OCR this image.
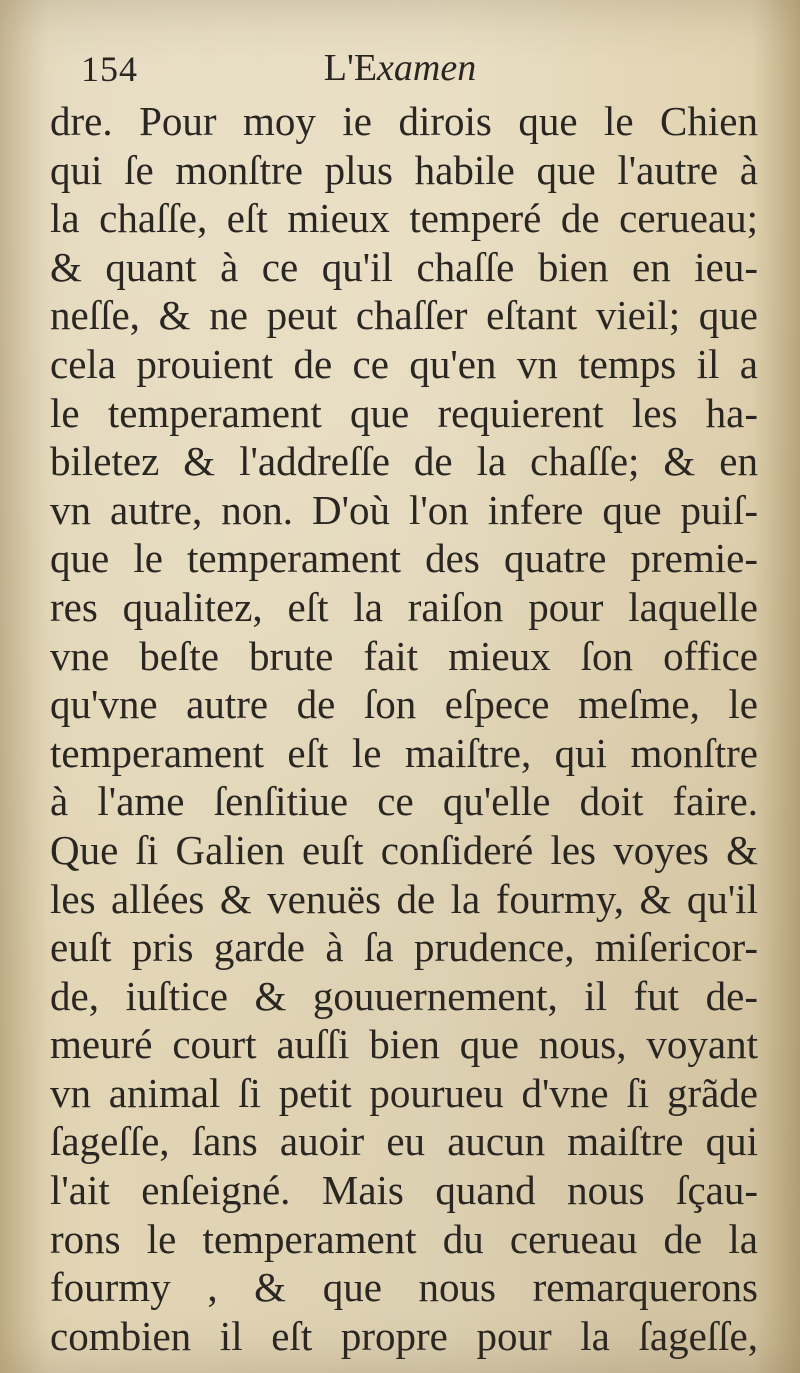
154	L'Examen
dre. Pour moy ie dirois que le Chien
qui ſe monſtre plus habile que l'autre à
la chaſſe, eſt mieux temperé de cerueau;
& quant à ce qu'il chaſſe bien en ieu-
neſſe, & ne peut chaſſer eſtant vieil; que
cela prouient de ce qu'en vn temps il a
le temperament que requierent les ha-
biletez & l'addreſſe de la chaſſe; & en
vn autre, non. D'où l'on infere que puiſ-
que le temperament des quatre premie-
res qualitez, eſt la raiſon pour laquelle
vne beſte brute fait mieux ſon office
qu'vne autre de ſon eſpece meſme, le
temperament eſt le maiſtre, qui monſtre
à l'ame ſenſitiue ce qu'elle doit faire.
Que ſi Galien euſt conſideré les voyes &
les allées & venuës de la fourmy, & qu'il
euſt pris garde à ſa prudence, miſericor-
de, iuſtice & gouuernement, il fut de-
meuré court auſſi bien que nous, voyant
vn animal ſi petit pourueu d'vne ſi grãde
ſageſſe, ſans auoir eu aucun maiſtre qui
l'ait enſeigné. Mais quand nous ſçau-
rons le temperament du cerueau de la
fourmy , & que nous remarquerons
combien il eſt propre pour la ſageſſe,
